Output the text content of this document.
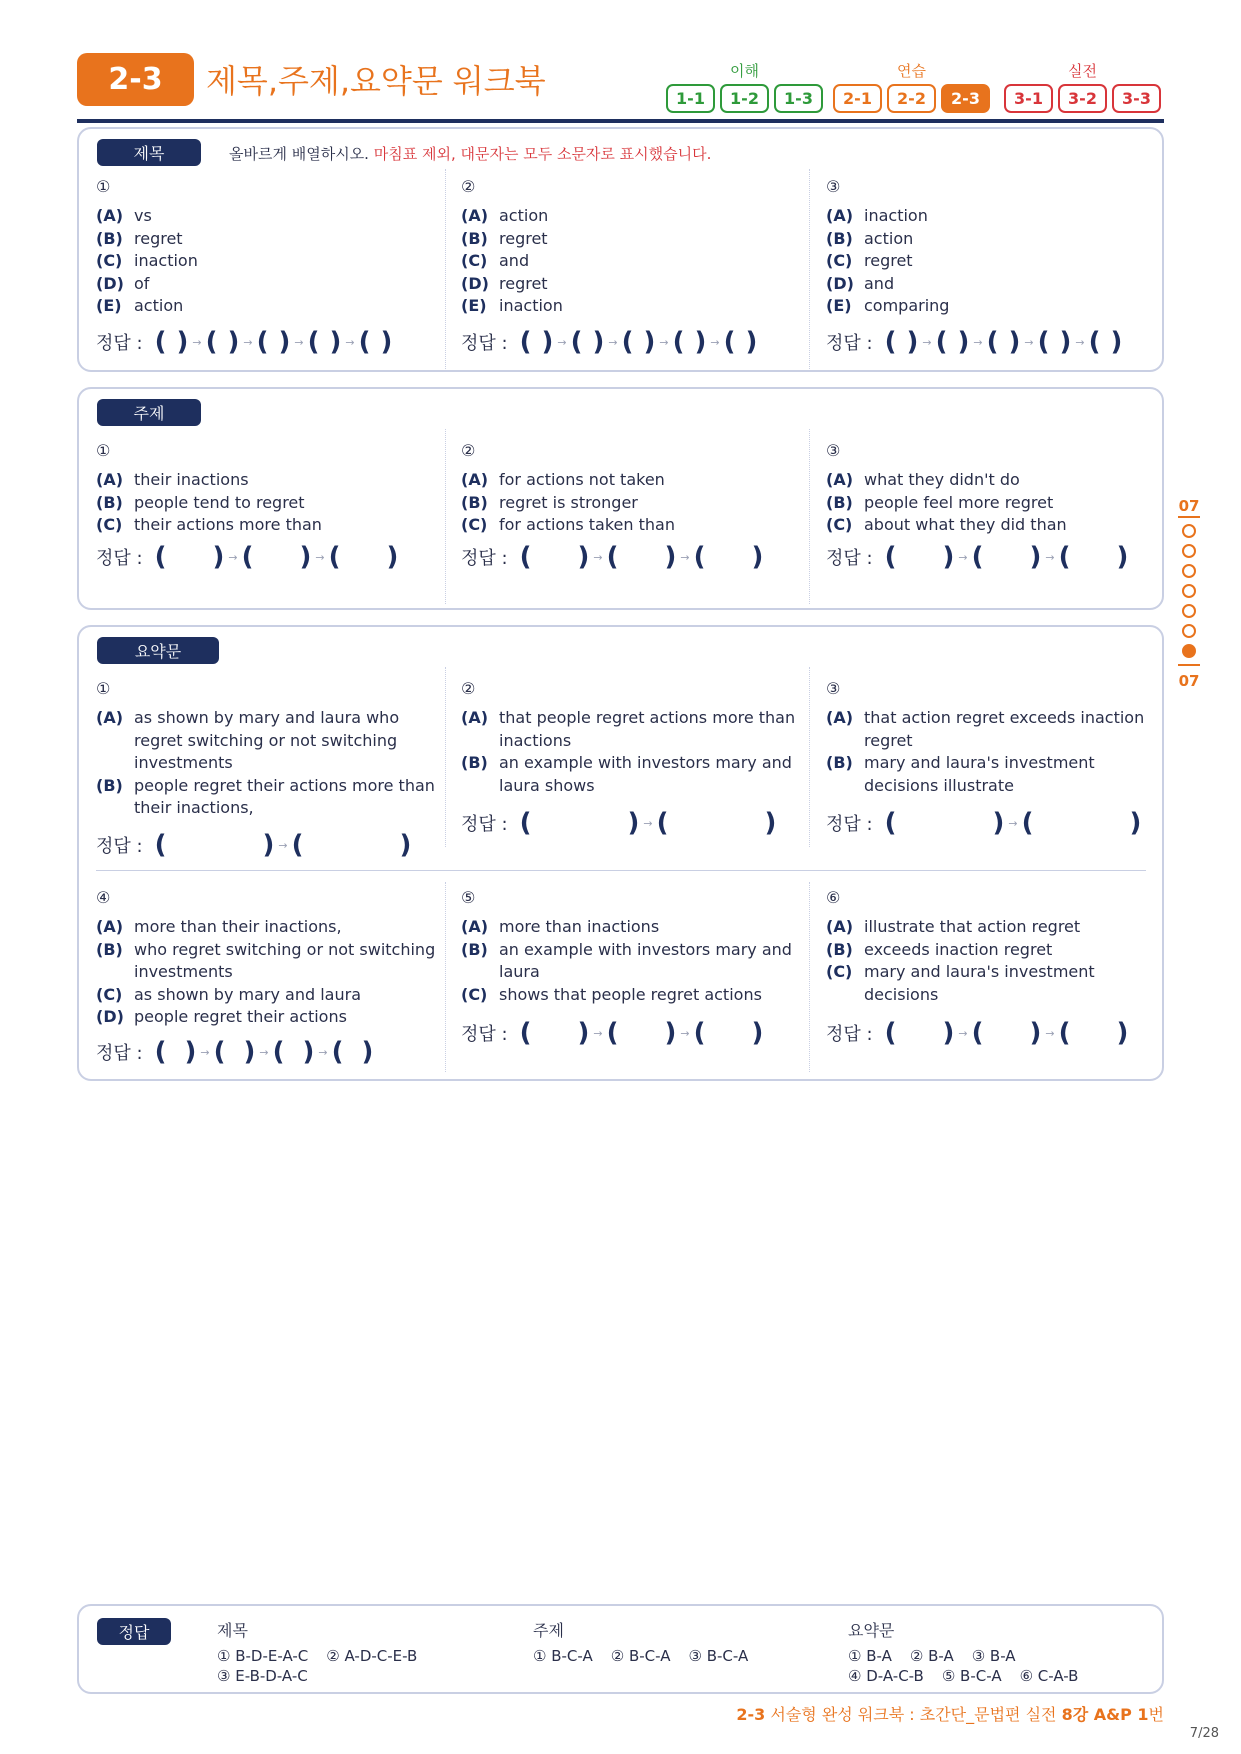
2-3	제목,주제,요약문 워크북	이해
1-1	1-2	1-3
연습
2-1	2-2	2-3
실전
3-1	3-2	3-3
제목	올바르게 배열하시오. 마침표 제외, 대문자는 모두 소문자로 표시했습니다.
①
(A) vs
(B) regret
(C) inaction
(D) of
(E) action
②
(A) action
(B) regret
(C) and
(D) regret
(E) inaction
③
(A) inaction
(B) action
(C) regret
(D) and
(E) comparing
정답 : ( ) → ( ) → ( ) → ( ) → ( )	정답 : ( ) → ( ) → ( ) → ( ) → ( )	정답 : ( ) → ( ) → ( ) → ( ) → ( )
주제
①
(A) their inactions
(B) people tend to regret
(C) their actions more than
②
(A) for actions not taken
(B) regret is stronger
(C) for actions taken than
③
(A) what they didn't do
(B) people feel more regret
(C) about what they did than
정답 : ( ) → ( ) → ( )	정답 : ( ) → ( ) → ( )	정답 : ( ) → ( ) → ( )
요약문
①
(A) as shown by mary and laura who regret switching or not switching investments
(B) people regret their actions more than their inactions,
②
(A) that people regret actions more than inactions
(B) an example with investors mary and laura shows
③
(A) that action regret exceeds inaction regret
(B) mary and laura's investment decisions illustrate
정답 : (	) → (	)
정답 : (	) → (	)	정답 : (	) → (	)
④
(A) more than their inactions,
(B) who regret switching or not switching investments
(C) as shown by mary and laura
(D) people regret their actions
⑤
(A) more than inactions
(B) an example with investors mary and laura
(C) shows that people regret actions
⑥
(A) illustrate that action regret
(B) exceeds inaction regret
(C) mary and laura's investment decisions
정답 : ( ) → ( ) → ( ) → ( )
정답 : ( ) → ( ) → ( )	정답 : ( ) → ( ) → ( )
07
07
정답	제목
① B-D-E-A-C ② A-D-C-E-B
③ E-B-D-A-C
주제
① B-C-A ② B-C-A ③ B-C-A
요약문
① B-A ② B-A ③ B-A
④ D-A-C-B ⑤ B-C-A ⑥ C-A-B
2-3 서술형 완성 워크북 : 초간단_문법편 실전 8강 A&P 1번
7/28
